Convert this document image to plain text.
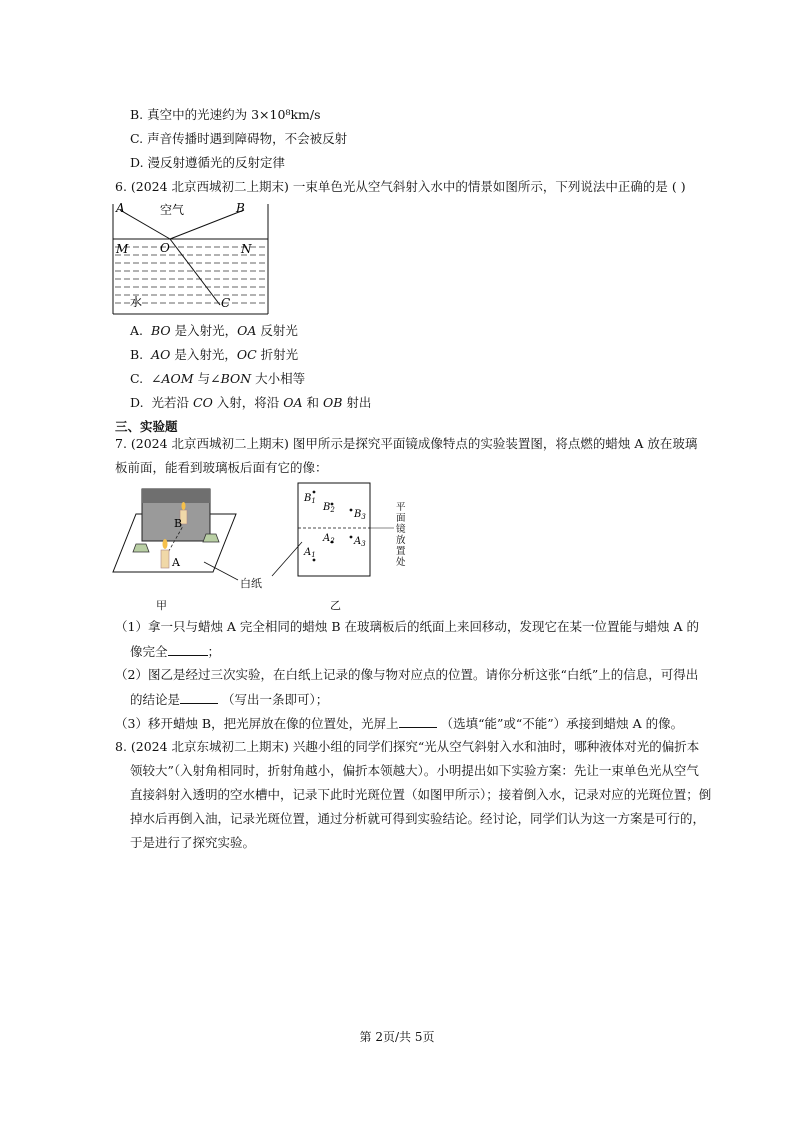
B. 真空中的光速约为 3×10⁸km/s
C. 声音传播时遇到障碍物，不会被反射
D. 漫反射遵循光的反射定律
6. (2024 北京西城初二上期末) 一束单色光从空气斜射入水中的情景如图所示，下列说法中正确的是 ( )
A	空气	B
M	O	N
水	C
A. BO 是入射光，OA 反射光
B. AO 是入射光，OC 折射光
C. ∠AOM 与∠BON 大小相等
D. 光若沿 CO 入射，将沿 OA 和 OB 射出
三、实验题
7. (2024 北京西城初二上期末) 图甲所示是探究平面镜成像特点的实验装置图，将点燃的蜡烛 A 放在玻璃
板前面，能看到玻璃板后面有它的像：
B
A
白纸
甲
$B_1$
$B_2$ $B_3$
$A_2$ $A_3$
$A_1$
平
面
镜
放
置
处
乙
（1）拿一只与蜡烛 A 完全相同的蜡烛 B 在玻璃板后的纸面上来回移动，发现它在某一位置能与蜡烛 A 的
像完全	；
（2）图乙是经过三次实验，在白纸上记录的像与物对应点的位置。请你分析这张“白纸”上的信息，可得出
的结论是	（写出一条即可）；
（3）移开蜡烛 B，把光屏放在像的位置处，光屏上	（选填“能”或“不能”）承接到蜡烛 A 的像。
8. (2024 北京东城初二上期末) 兴趣小组的同学们探究“光从空气斜射入水和油时，哪种液体对光的偏折本
领较大”（入射角相同时，折射角越小，偏折本领越大）。小明提出如下实验方案：先让一束单色光从空气
直接斜射入透明的空水槽中，记录下此时光斑位置（如图甲所示）；接着倒入水，记录对应的光斑位置；倒
掉水后再倒入油，记录光斑位置，通过分析就可得到实验结论。经讨论，同学们认为这一方案是可行的，
于是进行了探究实验。
第 2页/共 5页
